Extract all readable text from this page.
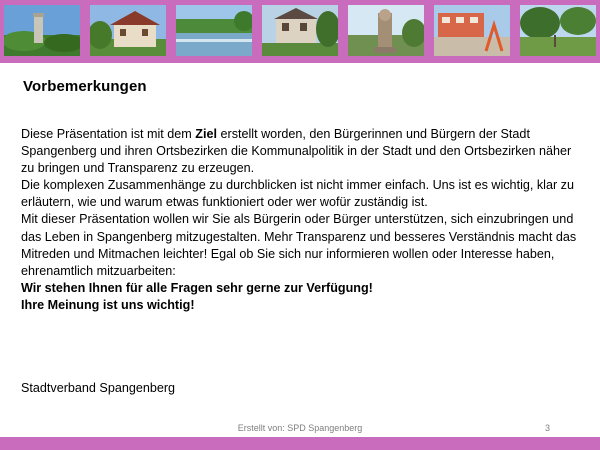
Vorbemerkungen

Diese Präsentation ist mit dem Ziel erstellt worden, den Bürgerinnen und Bürgern der Stadt Spangenberg und ihren Ortsbezirken die Kommunalpolitik in der Stadt und den Ortsbezirken näher zu bringen und Transparenz zu erzeugen.

Die komplexen Zusammenhänge zu durchblicken ist nicht immer einfach. Uns ist es wichtig, klar zu erläutern, wie und warum etwas funktioniert oder wer wofür zuständig ist.

Mit dieser Präsentation wollen wir Sie als Bürgerin oder Bürger unterstützen, sich einzubringen und das Leben in Spangenberg mitzugestalten. Mehr Transparenz und besseres Verständnis macht das Mitreden und Mitmachen leichter! Egal ob Sie sich nur informieren wollen oder Interesse haben, ehrenamtlich mitzuarbeiten:

Wir stehen Ihnen für alle Fragen sehr gerne zur Verfügung!

Ihre Meinung ist uns wichtig!

Stadtverband Spangenberg
Erstellt von: SPD Spangenberg	3
